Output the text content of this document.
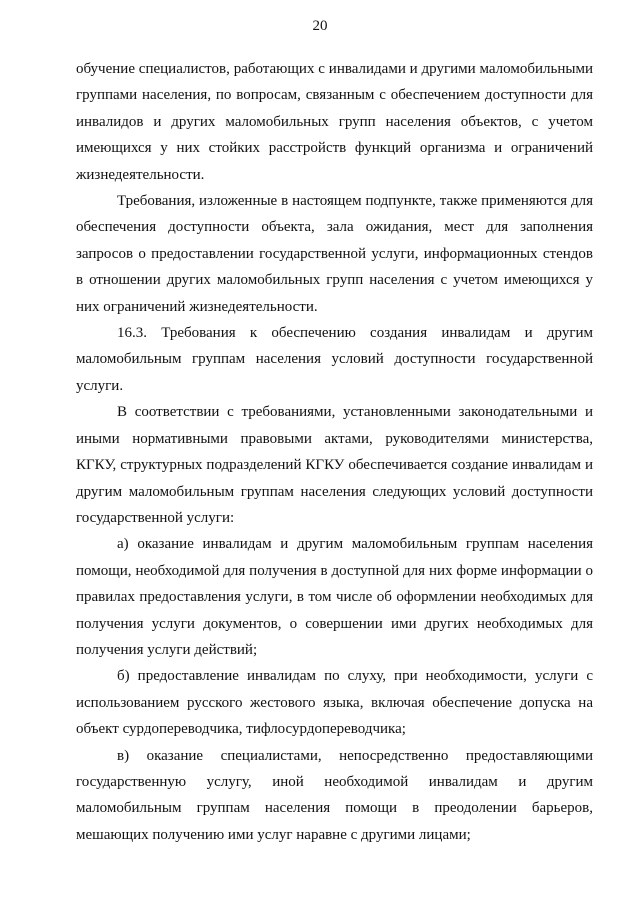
20

обучение специалистов, работающих с инвалидами и другими маломобильными группами населения, по вопросам, связанным с обеспечением доступности для инвалидов и других маломобильных групп населения объектов, с учетом имеющихся у них стойких расстройств функций организма и ограничений жизнедеятельности.

Требования, изложенные в настоящем подпункте, также применяются для обеспечения доступности объекта, зала ожидания, мест для заполнения запросов о предоставлении государственной услуги, информационных стендов в отношении других маломобильных групп населения с учетом имеющихся у них ограничений жизнедеятельности.

16.3. Требования к обеспечению создания инвалидам и другим маломобильным группам населения условий доступности государственной услуги.

В соответствии с требованиями, установленными законодательными и иными нормативными правовыми актами, руководителями министерства, КГКУ, структурных подразделений КГКУ обеспечивается создание инвалидам и другим маломобильным группам населения следующих условий доступности государственной услуги:

а) оказание инвалидам и другим маломобильным группам населения помощи, необходимой для получения в доступной для них форме информации о правилах предоставления услуги, в том числе об оформлении необходимых для получения услуги документов, о совершении ими других необходимых для получения услуги действий;

б) предоставление инвалидам по слуху, при необходимости, услуги с использованием русского жестового языка, включая обеспечение допуска на объект сурдопереводчика, тифлосурдопереводчика;

в) оказание специалистами, непосредственно предоставляющими государственную услугу, иной необходимой инвалидам и другим маломобильным группам населения помощи в преодолении барьеров, мешающих получению ими услуг наравне с другими лицами;
